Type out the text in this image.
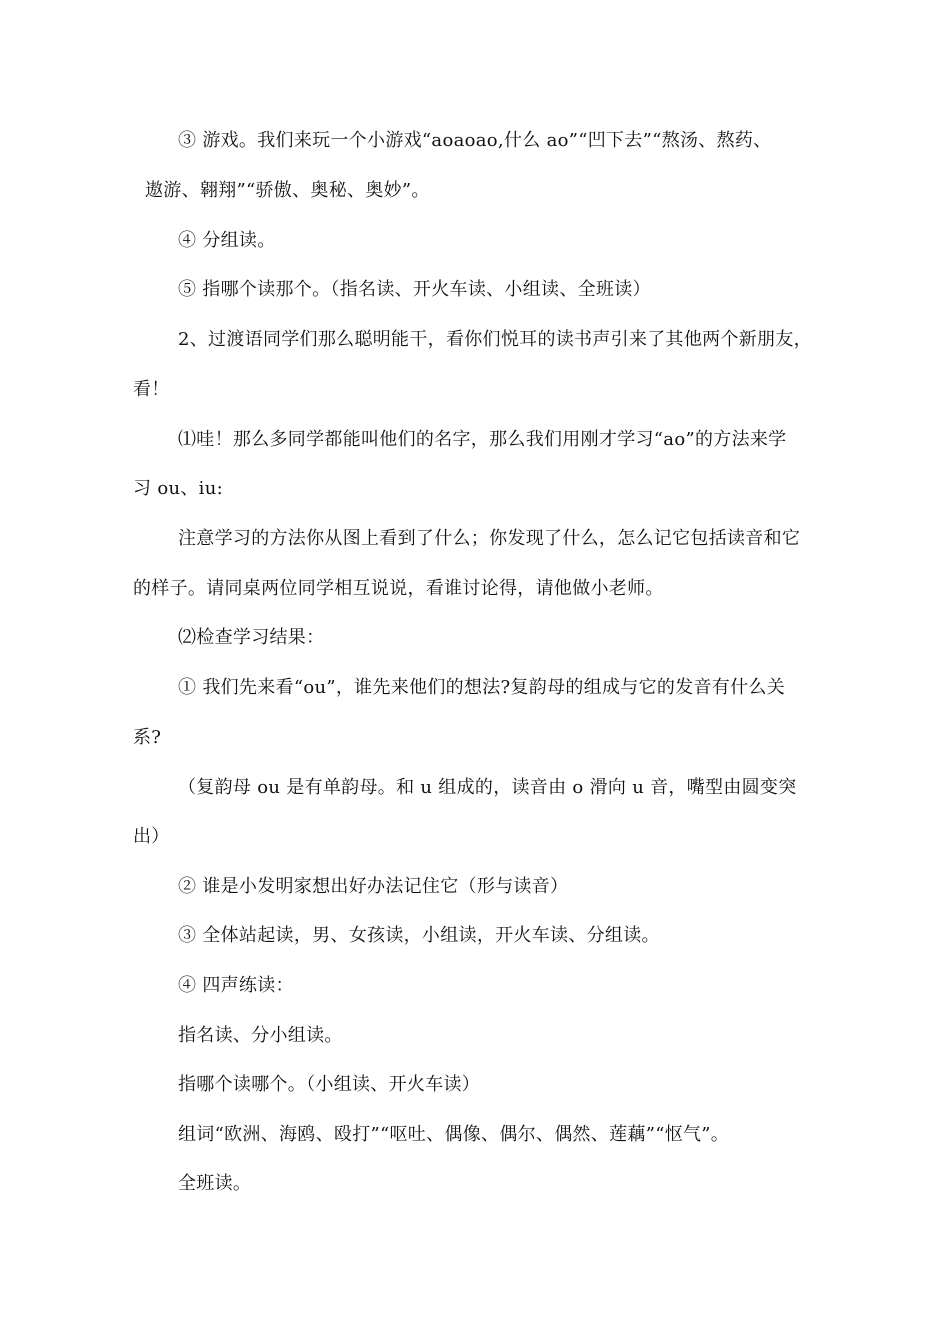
③ 游戏。我们来玩一个小游戏“aoaoao,什么 ao”“凹下去”“熬汤、熬药、
遨游、翱翔”“骄傲、奥秘、奥妙”。
④ 分组读。
⑤ 指哪个读那个。（指名读、开火车读、小组读、全班读）
2、过渡语同学们那么聪明能干，看你们悦耳的读书声引来了其他两个新朋友，
看！
⑴哇！那么多同学都能叫他们的名字，那么我们用刚才学习“ao”的方法来学
习 ou、iu:
注意学习的方法你从图上看到了什么；你发现了什么，怎么记它包括读音和它
的样子。请同桌两位同学相互说说，看谁讨论得，请他做小老师。
⑵检查学习结果：
① 我们先来看“ou”，谁先来他们的想法?复韵母的组成与它的发音有什么关
系?
（复韵母 ou 是有单韵母。和 u 组成的，读音由 o 滑向 u 音，嘴型由圆变突
出）
② 谁是小发明家想出好办法记住它（形与读音）
③ 全体站起读，男、女孩读，小组读，开火车读、分组读。
④ 四声练读：
指名读、分小组读。
指哪个读哪个。（小组读、开火车读）
组词“欧洲、海鸥、殴打”“呕吐、偶像、偶尔、偶然、莲藕”“怄气”。
全班读。
